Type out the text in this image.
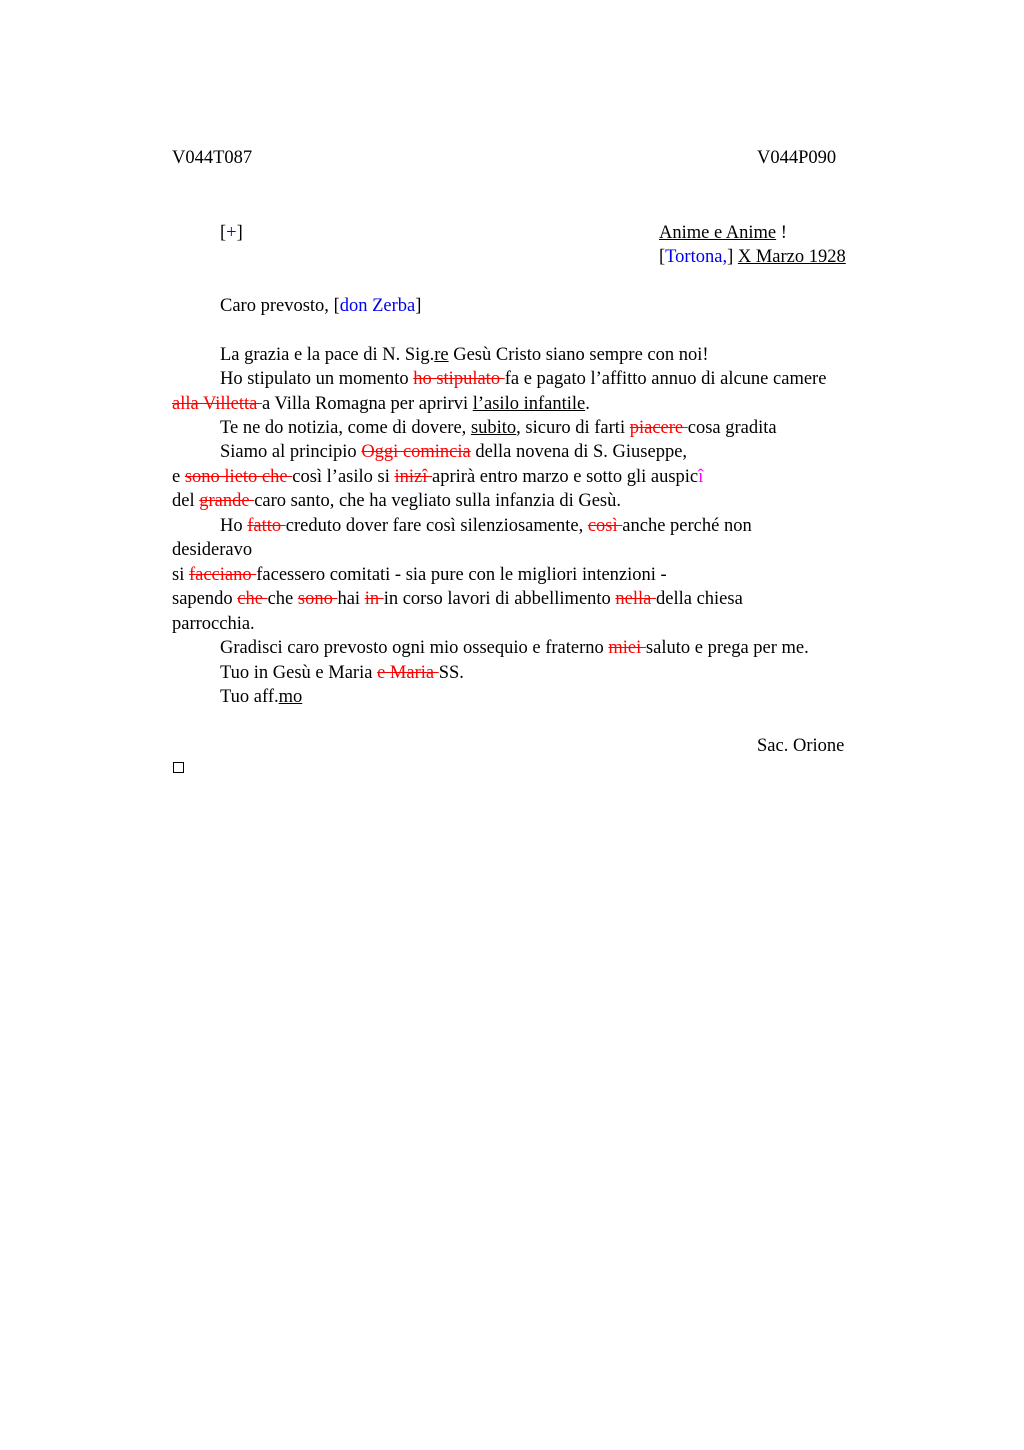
V044T087	V044P090
[+]	Anime e Anime !
[Tortona,] X Marzo 1928
Caro prevosto, [don Zerba]
La grazia e la pace di N. Sig.re Gesù Cristo siano sempre con noi!
Ho stipulato un momento ho stipulato fa e pagato l’affitto annuo di alcune camere
alla Villetta a Villa Romagna per aprirvi l’asilo infantile.
Te ne do notizia, come di dovere, subito, sicuro di farti piacere cosa gradita
Siamo al principio Oggi comincia della novena di S. Giuseppe,
e sono lieto che così l’asilo si inizî aprirà entro marzo e sotto gli auspicî
del grande caro santo, che ha vegliato sulla infanzia di Gesù.
Ho fatto creduto dover fare così silenziosamente, così anche perché non
desideravo
si facciano facessero comitati - sia pure con le migliori intenzioni -
sapendo che che sono hai in in corso lavori di abbellimento nella della chiesa
parrocchia.
Gradisci caro prevosto ogni mio ossequio e fraterno miei saluto e prega per me.
Tuo in Gesù e Maria e Maria SS.
Tuo aff.mo
Sac. Orione
